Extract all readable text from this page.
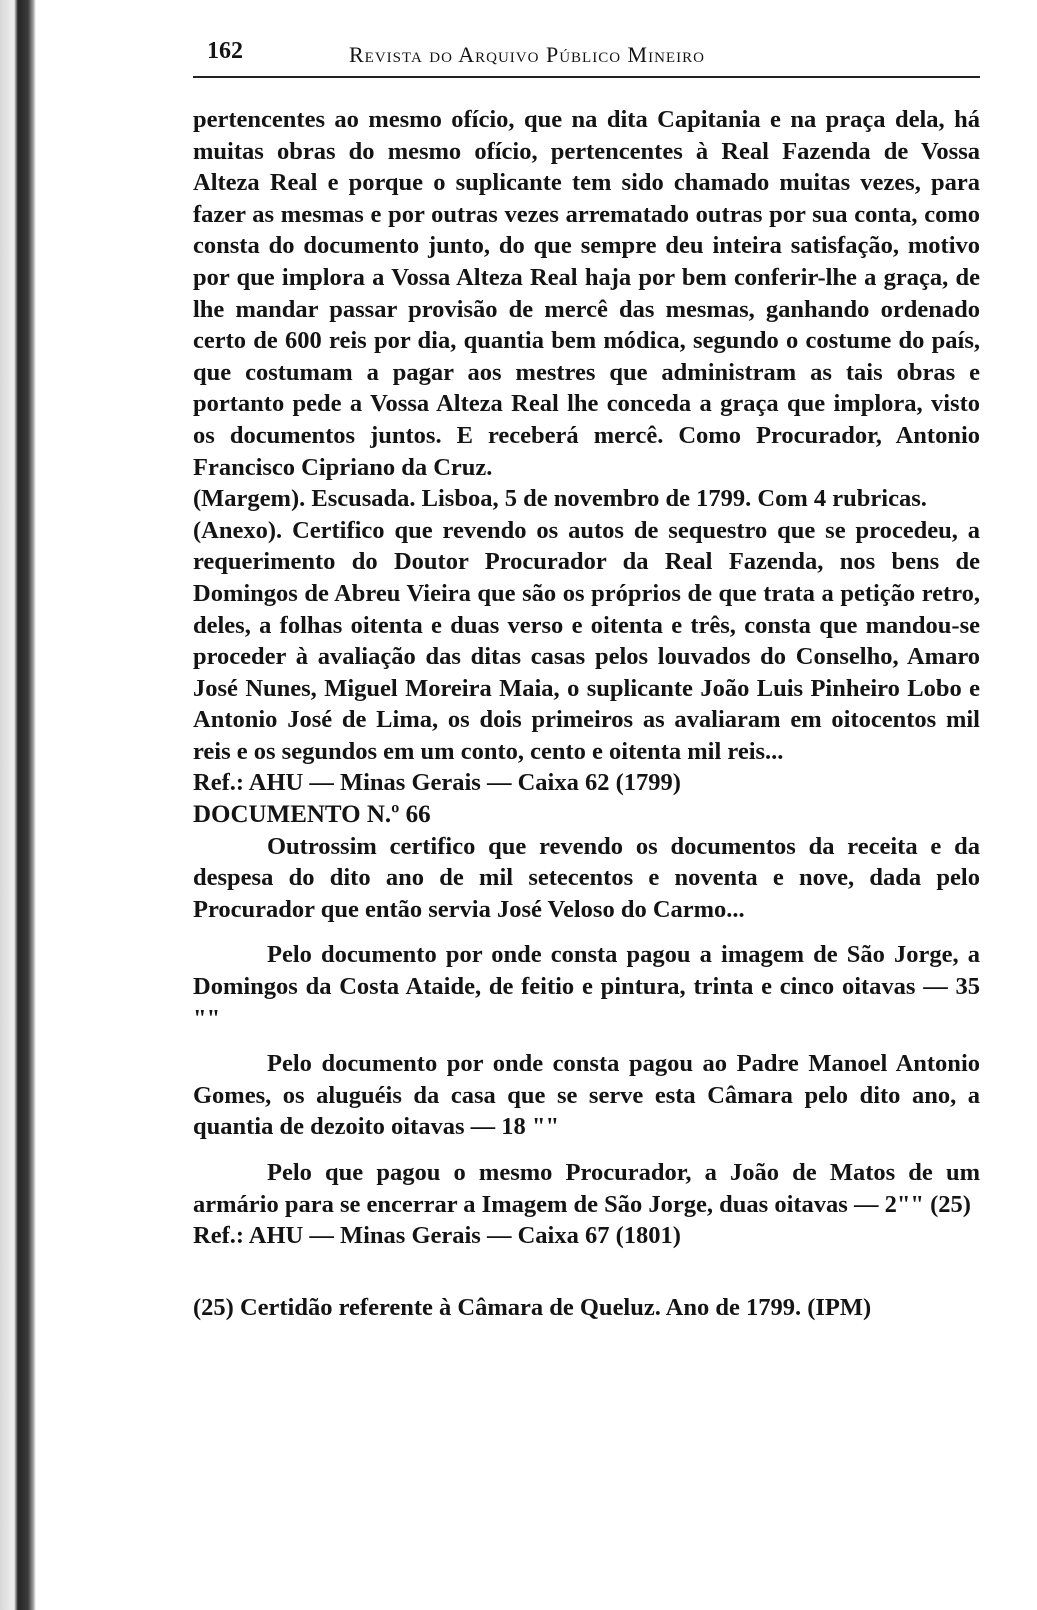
162	Revista do Arquivo Público Mineiro

pertencentes ao mesmo ofício, que na dita Capitania e na praça dela, há muitas obras do mesmo ofício, pertencentes à Real Fazenda de Vossa Alteza Real e porque o suplicante tem sido chamado muitas vezes, para fazer as mesmas e por outras vezes arrematado outras por sua conta, como consta do documento junto, do que sempre deu inteira satisfação, motivo por que implora a Vossa Alteza Real haja por bem conferir-lhe a graça, de lhe mandar passar provisão de mercê das mesmas, ganhando ordenado certo de 600 reis por dia, quantia bem módica, segundo o costume do país, que costumam a pagar aos mestres que administram as tais obras e portanto pede a Vossa Alteza Real lhe conceda a graça que implora, visto os documentos juntos. E receberá mercê. Como Procurador, Antonio Francisco Cipriano da Cruz.

(Margem). Escusada. Lisboa, 5 de novembro de 1799. Com 4 rubricas.

(Anexo). Certifico que revendo os autos de sequestro que se procedeu, a requerimento do Doutor Procurador da Real Fazenda, nos bens de Domingos de Abreu Vieira que são os próprios de que trata a petição retro, deles, a folhas oitenta e duas verso e oitenta e três, consta que mandou-se proceder à avaliação das ditas casas pelos louvados do Conselho, Amaro José Nunes, Miguel Moreira Maia, o suplicante João Luis Pinheiro Lobo e Antonio José de Lima, os dois primeiros as avaliaram em oitocentos mil reis e os segundos em um conto, cento e oitenta mil reis...

Ref.: AHU — Minas Gerais — Caixa 62 (1799)

DOCUMENTO N.º 66

Outrossim certifico que revendo os documentos da receita e da despesa do dito ano de mil setecentos e noventa e nove, dada pelo Procurador que então servia José Veloso do Carmo...

Pelo documento por onde consta pagou a imagem de São Jorge, a Domingos da Costa Ataide, de feitio e pintura, trinta e cinco oitavas — 35 ""

Pelo documento por onde consta pagou ao Padre Manoel Antonio Gomes, os aluguéis da casa que se serve esta Câmara pelo dito ano, a quantia de dezoito oitavas — 18 ""

Pelo que pagou o mesmo Procurador, a João de Matos de um armário para se encerrar a Imagem de São Jorge, duas oitavas — 2"" (25)

Ref.: AHU — Minas Gerais — Caixa 67 (1801)

(25) Certidão referente à Câmara de Queluz. Ano de 1799. (IPM)
